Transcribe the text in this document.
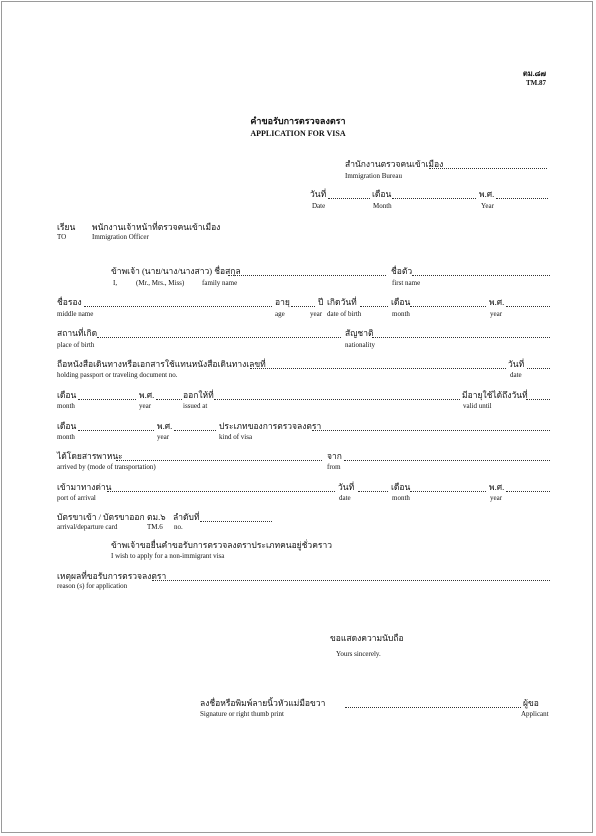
ตม.๘๗
TM.87
คำขอรับการตรวจลงตรา
APPLICATION FOR VISA
สำนักงานตรวจคนเข้าเมือง
Immigration Bureau
วันที่	เดือน	พ.ศ.
Date	Month	Year
เรียน พนักงานเจ้าหน้าที่ตรวจคนเข้าเมือง
TO	Immigration Officer
ข้าพเจ้า (นาย/นาง/นางสาว) ชื่อสกุล	ชื่อตัว
I,	(Mr., Mrs., Miss)	family name	first name
ชื่อรอง	อายุ	ปี เกิดวันที่	เดือน	พ.ศ.
middle name	age	year date of birth	month	year
สถานที่เกิด	สัญชาติ
place of birth	nationality
ถือหนังสือเดินทางหรือเอกสารใช้แทนหนังสือเดินทางเลขที่	วันที่
holding passport or traveling document no.	date
เดือน	พ.ศ.	ออกให้ที่	มีอายุใช้ได้ถึงวันที่
month	year	issued at	valid until
เดือน	พ.ศ.	ประเภทของการตรวจลงตรา
month	year	kind of visa
ได้โดยสารพาหนะ	จาก
arrived by (mode of transportation)	from
เข้ามาทางด่าน	วันที่	เดือน	พ.ศ.
port of arrival	date	month	year
บัตรขาเข้า / บัตรขาออก ตม.๖ ลำดับที่
arrival/departure card	TM.6 no.
ข้าพเจ้าขอยื่นคำขอรับการตรวจลงตราประเภทคนอยู่ชั่วคราว
I wish to apply for a non-immigrant visa
เหตุผลที่ขอรับการตรวจลงตรา
reason (s) for application
ขอแสดงความนับถือ
Yours sincerely.
ลงชื่อหรือพิมพ์ลายนิ้วหัวแม่มือขวา	ผู้ขอ
Signature or right thumb print	Applicant
